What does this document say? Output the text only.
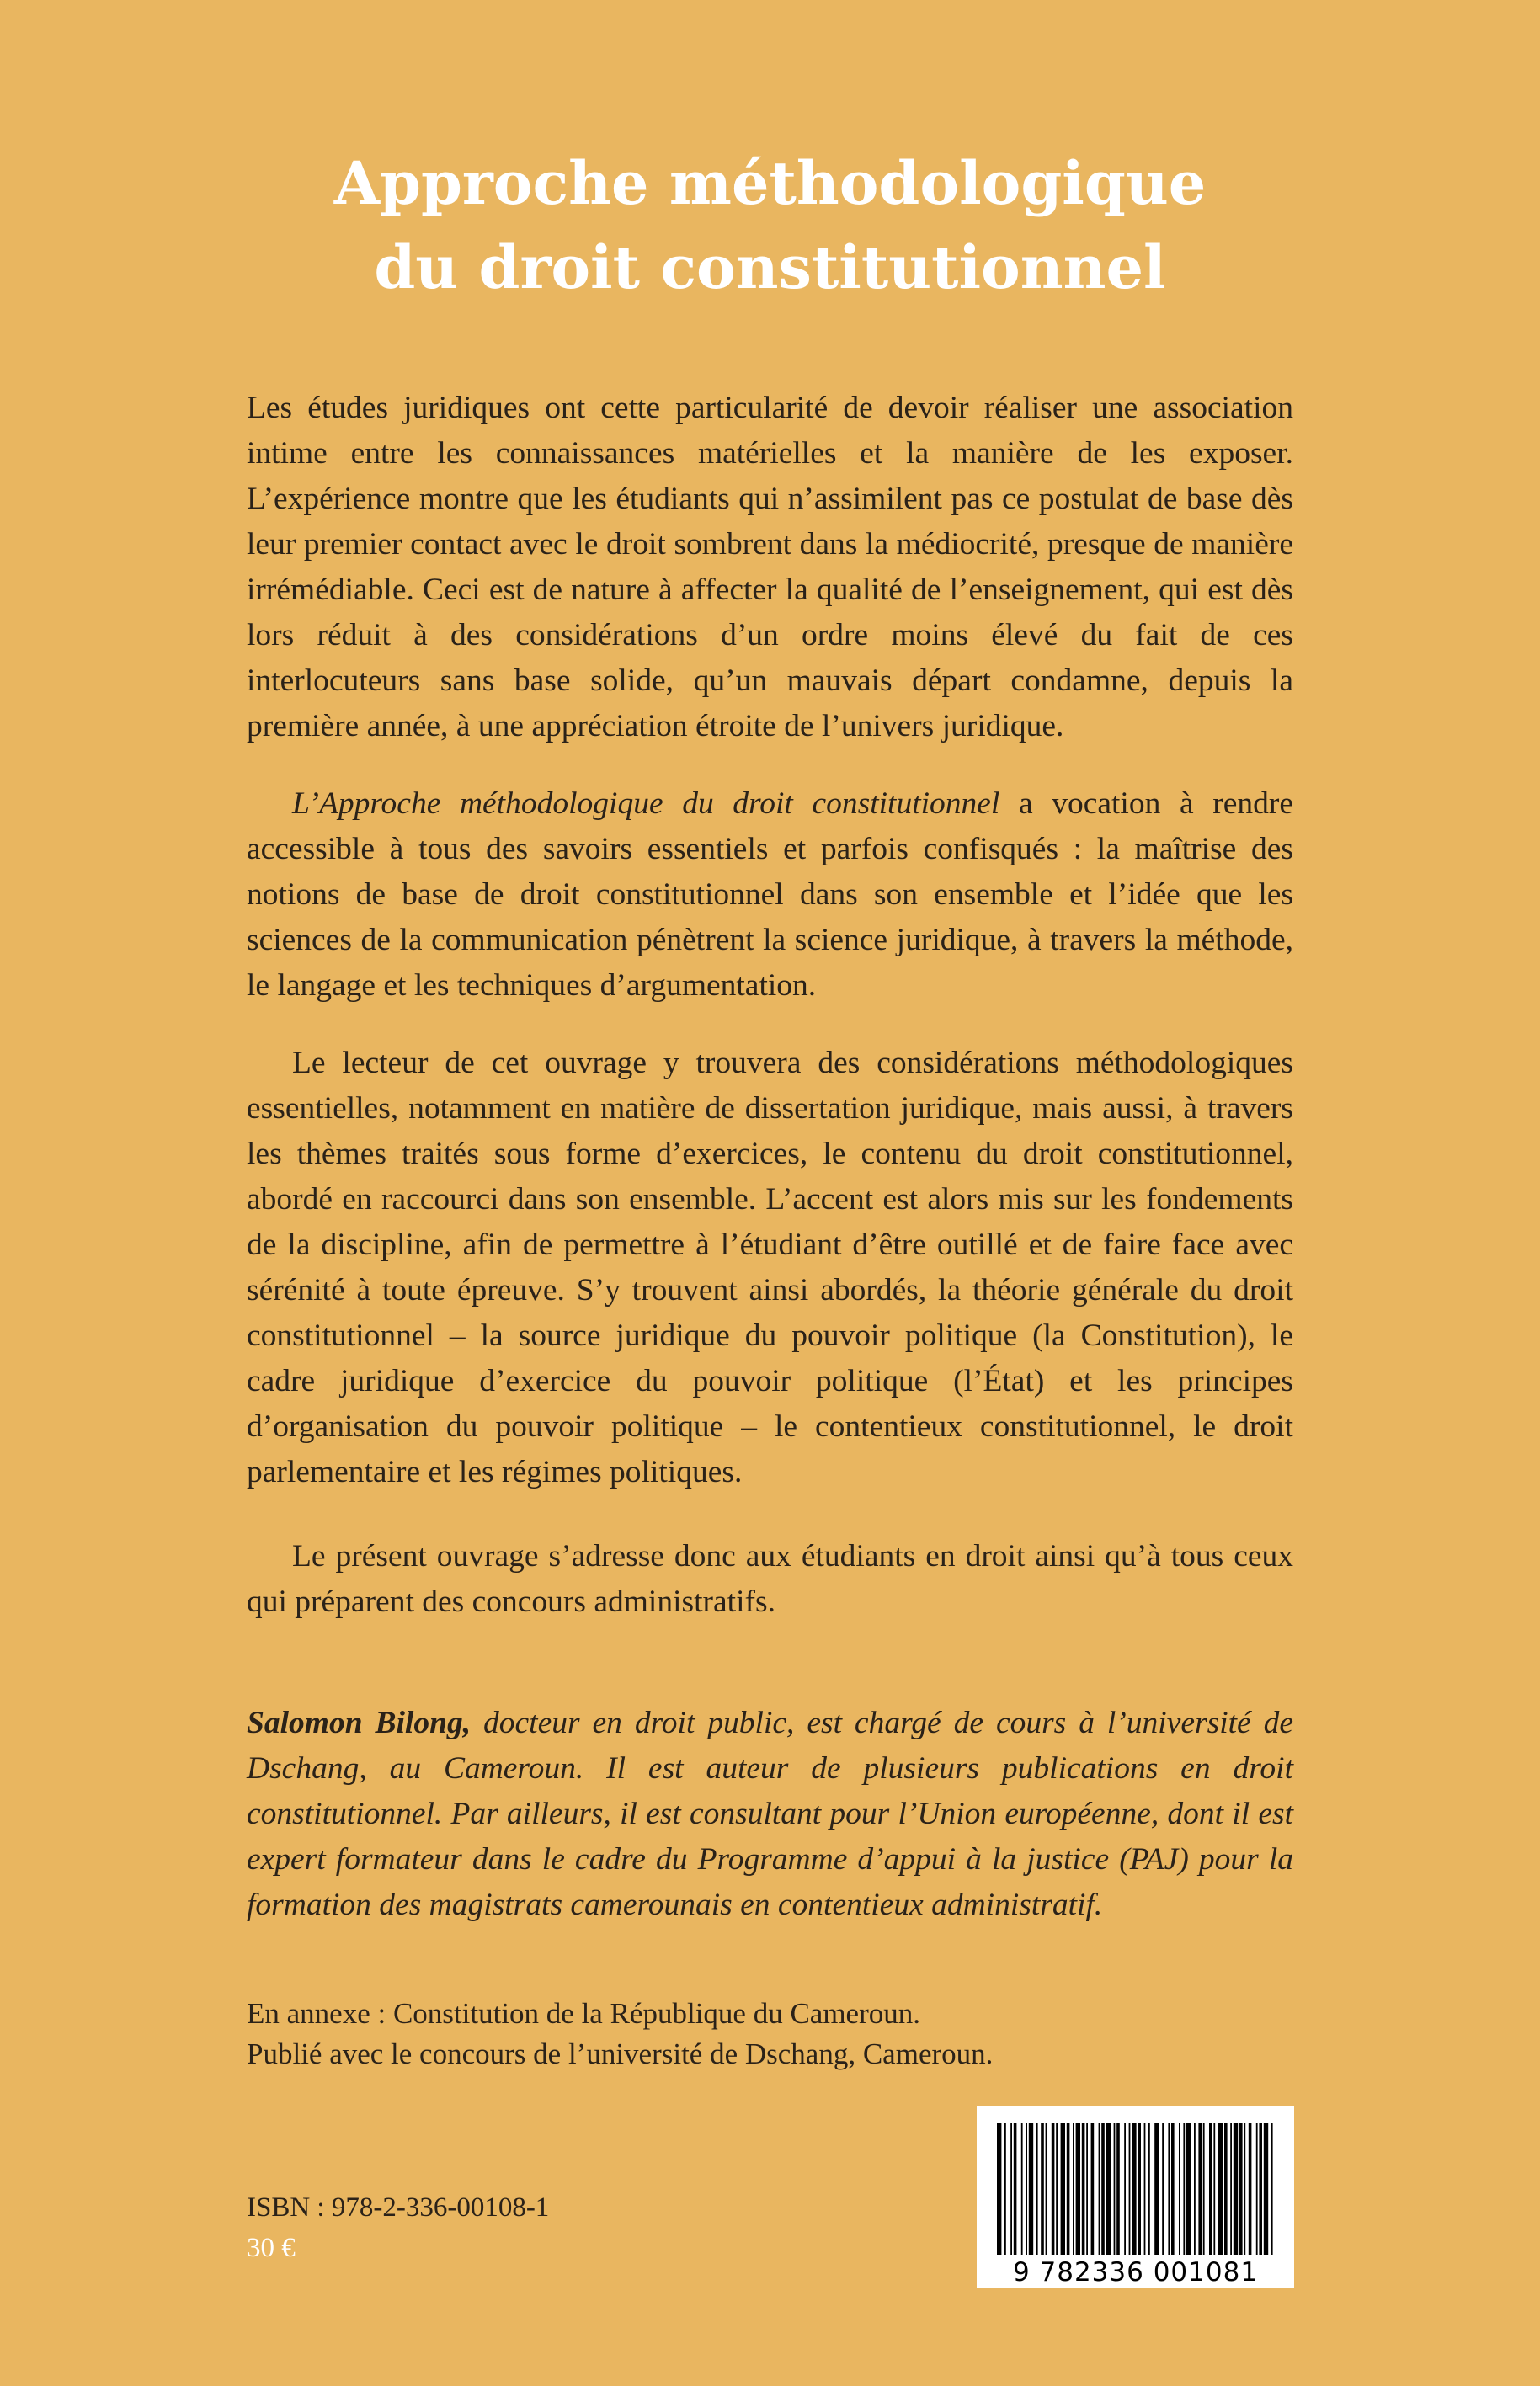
Approche méthodologique
du droit constitutionnel

Les études juridiques ont cette particularité de devoir réaliser une association intime entre les connaissances matérielles et la manière de les exposer. L’expérience montre que les étudiants qui n’assimilent pas ce postulat de base dès leur premier contact avec le droit sombrent dans la médiocrité, presque de manière irrémédiable. Ceci est de nature à affecter la qualité de l’enseignement, qui est dès lors réduit à des considérations d’un ordre moins élevé du fait de ces interlocuteurs sans base solide, qu’un mauvais départ condamne, depuis la première année, à une appréciation étroite de l’univers juridique.

L’Approche méthodologique du droit constitutionnel a vocation à rendre accessible à tous des savoirs essentiels et parfois confisqués : la maîtrise des notions de base de droit constitutionnel dans son ensemble et l’idée que les sciences de la communication pénètrent la science juridique, à travers la méthode, le langage et les techniques d’argumentation.

Le lecteur de cet ouvrage y trouvera des considérations méthodologiques essentielles, notamment en matière de dissertation juridique, mais aussi, à travers les thèmes traités sous forme d’exercices, le contenu du droit constitutionnel, abordé en raccourci dans son ensemble. L’accent est alors mis sur les fondements de la discipline, afin de permettre à l’étudiant d’être outillé et de faire face avec sérénité à toute épreuve. S’y trouvent ainsi abordés, la théorie générale du droit constitutionnel – la source juridique du pouvoir politique (la Constitution), le cadre juridique d’exercice du pouvoir politique (l’État) et les principes d’organisation du pouvoir politique – le contentieux constitutionnel, le droit parlementaire et les régimes politiques.

Le présent ouvrage s’adresse donc aux étudiants en droit ainsi qu’à tous ceux qui préparent des concours administratifs.

Salomon Bilong, docteur en droit public, est chargé de cours à l’université de Dschang, au Cameroun. Il est auteur de plusieurs publications en droit constitutionnel. Par ailleurs, il est consultant pour l’Union européenne, dont il est expert formateur dans le cadre du Programme d’appui à la justice (PAJ) pour la formation des magistrats camerounais en contentieux administratif.

En annexe : Constitution de la République du Cameroun.
Publié avec le concours de l’université de Dschang, Cameroun.
ISBN : 978-2-336-00108-1
30 €
9 782336 001081
